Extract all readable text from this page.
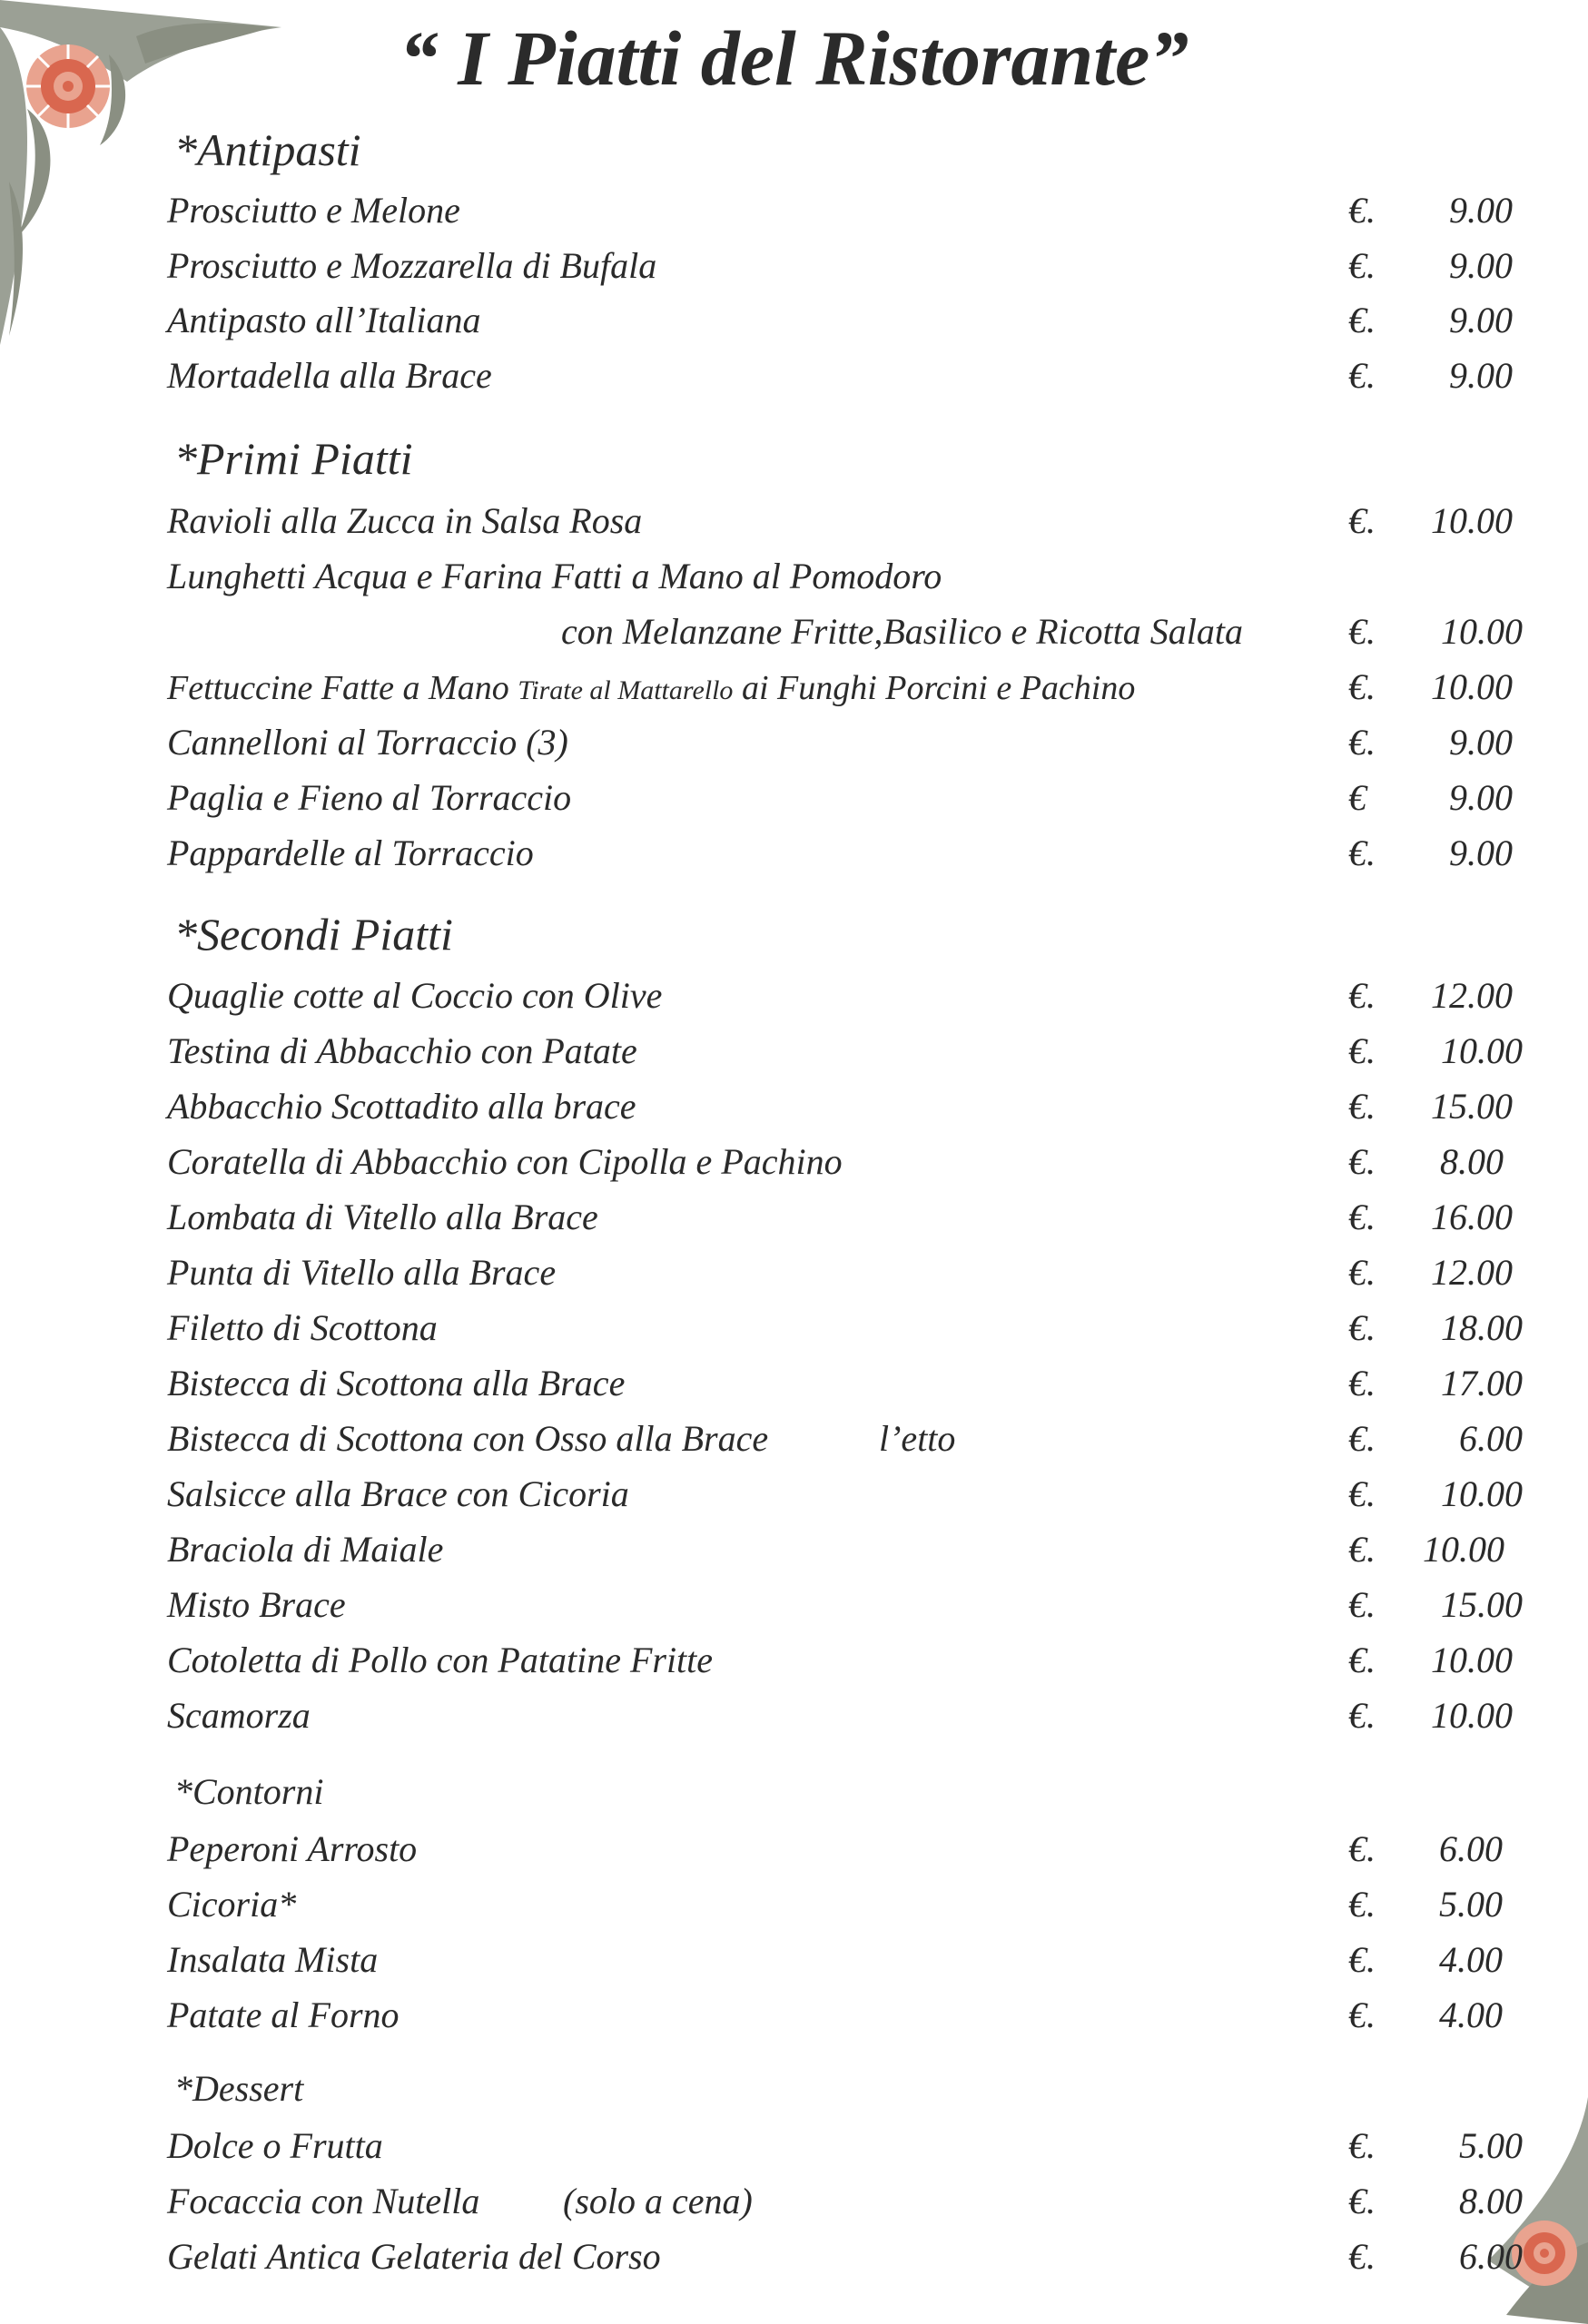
“ I Piatti del Ristorante”
*Antipasti
Prosciutto e Melone	€. 9.00
Prosciutto e Mozzarella di Bufala	€. 9.00
Antipasto all’Italiana	€. 9.00
Mortadella alla Brace	€. 9.00
*Primi Piatti
Ravioli alla Zucca in Salsa Rosa	€. 10.00
Lunghetti Acqua e Farina Fatti a Mano al Pomodoro
con Melanzane Fritte,Basilico e Ricotta Salata	€. 10.00
Fettuccine Fatte a Mano Tirate al Mattarello ai Funghi Porcini e Pachino	€. 10.00
Cannelloni al Torraccio (3)	€. 9.00
Paglia e Fieno al Torraccio	€ 9.00
Pappardelle al Torraccio	€. 9.00
*Secondi Piatti
Quaglie cotte al Coccio con Olive	€. 12.00
Testina di Abbacchio con Patate	€. 10.00
Abbacchio Scottadito alla brace	€. 15.00
Coratella di Abbacchio con Cipolla e Pachino	€. 8.00
Lombata di Vitello alla Brace	€. 16.00
Punta di Vitello alla Brace	€. 12.00
Filetto di Scottona	€. 18.00
Bistecca di Scottona alla Brace	€. 17.00
Bistecca di Scottona con Osso alla Brace	l’etto	€. 6.00
Salsicce alla Brace con Cicoria	€. 10.00
Braciola di Maiale	€. 10.00
Misto Brace	€. 15.00
Cotoletta di Pollo con Patatine Fritte	€. 10.00
Scamorza	€. 10.00
*Contorni
Peperoni Arrosto	€. 6.00
Cicoria*	€. 5.00
Insalata Mista	€. 4.00
Patate al Forno	€. 4.00
*Dessert
Dolce o Frutta	€. 5.00
Focaccia con Nutella (solo a cena)	€. 8.00
Gelati Antica Gelateria del Corso	€. 6.00
